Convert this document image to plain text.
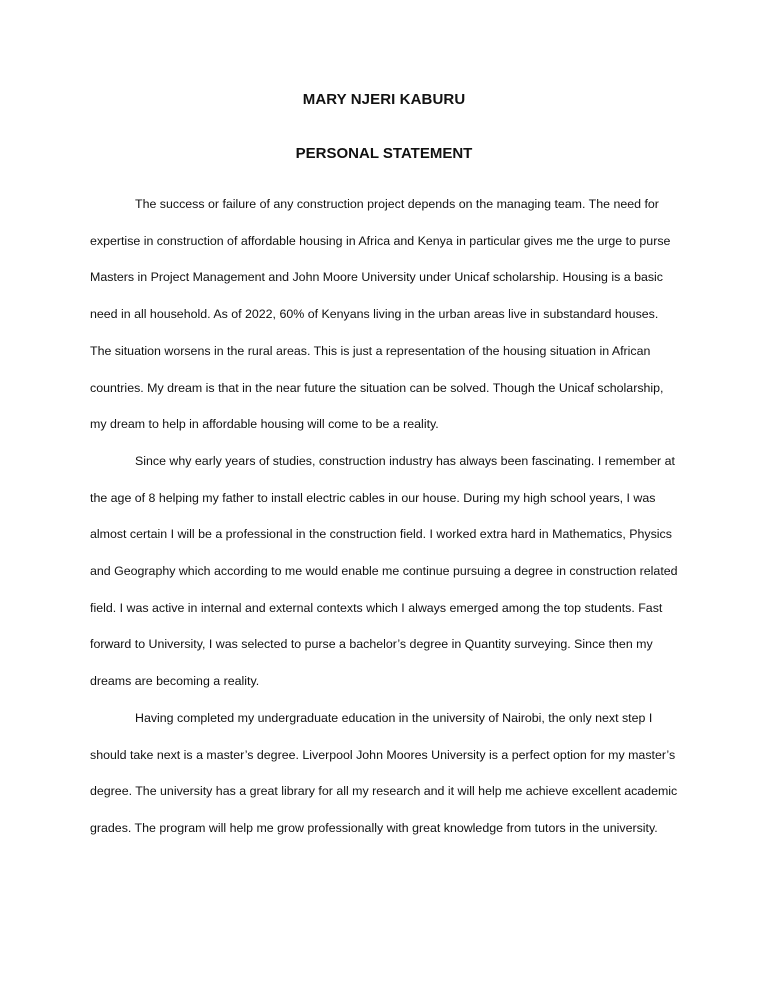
MARY NJERI KABURU
PERSONAL STATEMENT

The success or failure of any construction project depends on the managing team. The need for expertise in construction of affordable housing in Africa and Kenya in particular gives me the urge to purse Masters in Project Management and John Moore University under Unicaf scholarship. Housing is a basic need in all household. As of 2022, 60% of Kenyans living in the urban areas live in substandard houses. The situation worsens in the rural areas. This is just a representation of the housing situation in African countries. My dream is that in the near future the situation can be solved. Though the Unicaf scholarship, my dream to help in affordable housing will come to be a reality.

Since why early years of studies, construction industry has always been fascinating. I remember at the age of 8 helping my father to install electric cables in our house. During my high school years, I was almost certain I will be a professional in the construction field. I worked extra hard in Mathematics, Physics and Geography which according to me would enable me continue pursuing a degree in construction related field. I was active in internal and external contexts which I always emerged among the top students. Fast forward to University, I was selected to purse a bachelor’s degree in Quantity surveying. Since then my dreams are becoming a reality.

Having completed my undergraduate education in the university of Nairobi, the only next step I should take next is a master’s degree. Liverpool John Moores University is a perfect option for my master’s degree. The university has a great library for all my research and it will help me achieve excellent academic grades. The program will help me grow professionally with great knowledge from tutors in the university.
